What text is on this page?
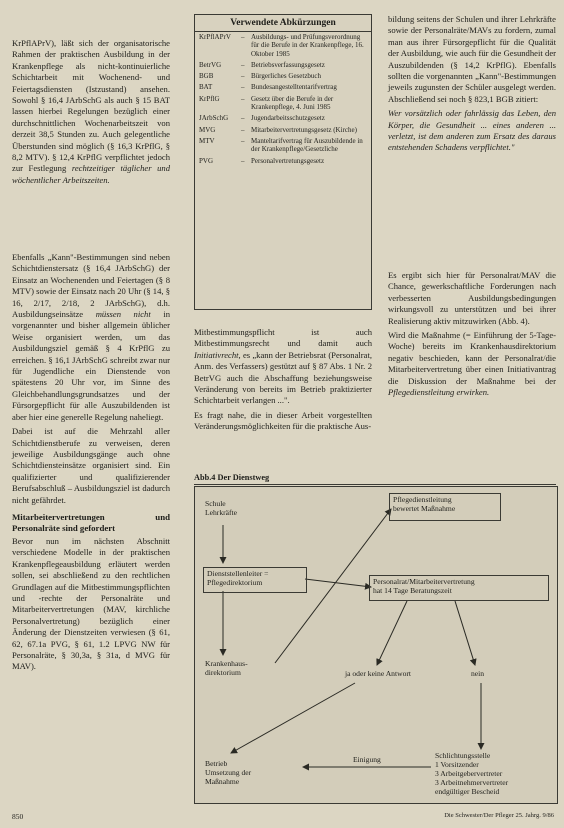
KrPflAPrV), läßt sich der organisatorische Rahmen der praktischen Ausbildung in der Krankenpflege als nicht-kontinuierliche Schichtarbeit mit Wochenend- und Feiertagsdiensten (Istzustand) ansehen. Sowohl § 16,4 JArbSchG als auch § 15 BAT lassen hierbei Regelungen bezüglich einer durchschnittlichen Wochenarbeitszeit von derzeit 38,5 Stunden zu. Auch gelegentliche Überstunden sind möglich (§ 16,3 KrPflG, § 8,2 MTV). § 12,4 KrPflG verpflichtet jedoch zur Festlegung rechtzeitiger täglicher und wöchentlicher Arbeitszeiten.

Ebenfalls „Kann"-Bestimmungen sind neben Schichtdienstersatz (§ 16,4 JArbSchG) der Einsatz an Wochenenden und Feiertagen (§ 8 MTV) sowie der Einsatz nach 20 Uhr (§ 14, § 16, 2/17, 2/18, 2 JArbSchG), d.h. Ausbildungseinsätze müssen nicht in vorgenannter und bisher allgemein üblicher Weise organisiert werden, um das Ausbildungsziel gemäß § 4 KrPflG zu erreichen. § 16,1 JArbSchG schreibt zwar nur für Jugendliche ein Dienstende von spätestens 20 Uhr vor, im Sinne des Gleichbehandlungsgrundsatzes und der Fürsorgepflicht für alle Auszubildenden ist aber hier eine generelle Regelung naheliegt.

Dabei ist auf die Mehrzahl aller Schichtdienstberufe zu verweisen, deren jeweilige Ausbildungsgänge auch ohne Schichtdiensteinsätze organisiert sind. Ein qualifizierter und qualifizierender Berufsabschluß – Ausbildungsziel ist dadurch nicht gefährdet.

Mitarbeitervertretungen und Personalräte sind gefordert

Bevor nun im nächsten Abschnitt verschiedene Modelle in der praktischen Krankenpflegeausbildung erläutert werden sollen, sei abschließend zu den rechtlichen Grundlagen auf die Mitbestimmungspflichten und -rechte der Personalräte und Mitarbeitervertretungen (MAV, kirchliche Personalvertretung) bezüglich einer Änderung der Dienstzeiten verwiesen (§ 61, 62, 67.1a PVG, § 61, 1.2 LPVG NW für Personalräte, § 30,3a, § 31a, d MVG für MAV).

Verwendete Abkürzungen
KrPflAPrV	– Ausbildungs- und Prüfungsverordnung für die Berufe in der Krankenpflege, 16. Oktober 1985
BetrVG	– Betriebsverfassungsgesetz
BGB	– Bürgerliches Gesetzbuch
BAT	– Bundesangestelltentarifvertrag
KrPflG	– Gesetz über die Berufe in der Krankenpflege, 4. Juni 1985
JArbSchG	– Jugendarbeitsschutzgesetz
MVG	– Mitarbeitervertretungsgesetz (Kirche)
MTV	– Manteltarifvertrag für Auszubildende in der Krankenpflege/Gesetzliche
PVG	– Personalvertretungsgesetz

Mitbestimmungspflicht ist auch Mitbestimmungsrecht und damit auch Initiativrecht, es „kann der Betriebsrat (Personalrat, Anm. des Verfassers) gestützt auf § 87 Abs. 1 Nr. 2 BetrVG auch die Abschaffung beziehungsweise Veränderung von bereits im Betrieb praktizierter Schichtarbeit verlangen ...".

Es fragt nahe, die in dieser Arbeit vorgestellten Veränderungsmöglichkeiten für die praktische Aus-

bildung seitens der Schulen und ihrer Lehrkräfte sowie der Personalräte/MAVs zu fordern, zumal man aus ihrer Fürsorgepflicht für die Qualität der Ausbildung, wie auch für die Gesundheit der Auszubildenden (§ 14,2 KrPflG). Ebenfalls sollten die vorgenannten „Kann"-Bestimmungen jeweils zugunsten der Schüler ausgelegt werden. Abschließend sei noch § 823,1 BGB zitiert:

Wer vorsätzlich oder fahrlässig das Leben, den Körper, die Gesundheit ... eines anderen ... verletzt, ist dem anderen zum Ersatz des daraus entstehenden Schadens verpflichtet."

Es ergibt sich hier für Personalrat/MAV die Chance, gewerkschaftliche Forderungen nach verbesserten Ausbildungsbedingungen wirkungsvoll zu unterstützen und bei ihrer Realisierung aktiv mitzuwirken (Abb. 4).

Wird die Maßnahme (= Einführung der 5-Tage-Woche) bereits im Krankenhausdirektorium negativ beschieden, kann der Personalrat/die Mitarbeitervertretung über einen Initiativantrag die Diskussion der Maßnahme bei der Pflegedienstleitung erwirken.

Abb.4 Der Dienstweg
Schule
Lehrkräfte
Pflegedienstleitung
bewertet Maßnahme
Dienststellenleiter =
Pflegedirektorium	Personalrat/Mitarbeitervertretung
hat 14 Tage Beratungszeit
Krankenhaus-
direktorium	ja oder keine Antwort	nein
Betrieb
Umsetzung der
Maßnahme
Einigung	Schlichtungsstelle
1 Vorsitzender
3 Arbeitgebervertreter
3 Arbeitnehmervertreter
endgültiger Bescheid
850	Die Schwester/Der Pfleger 25. Jahrg. 9/86
